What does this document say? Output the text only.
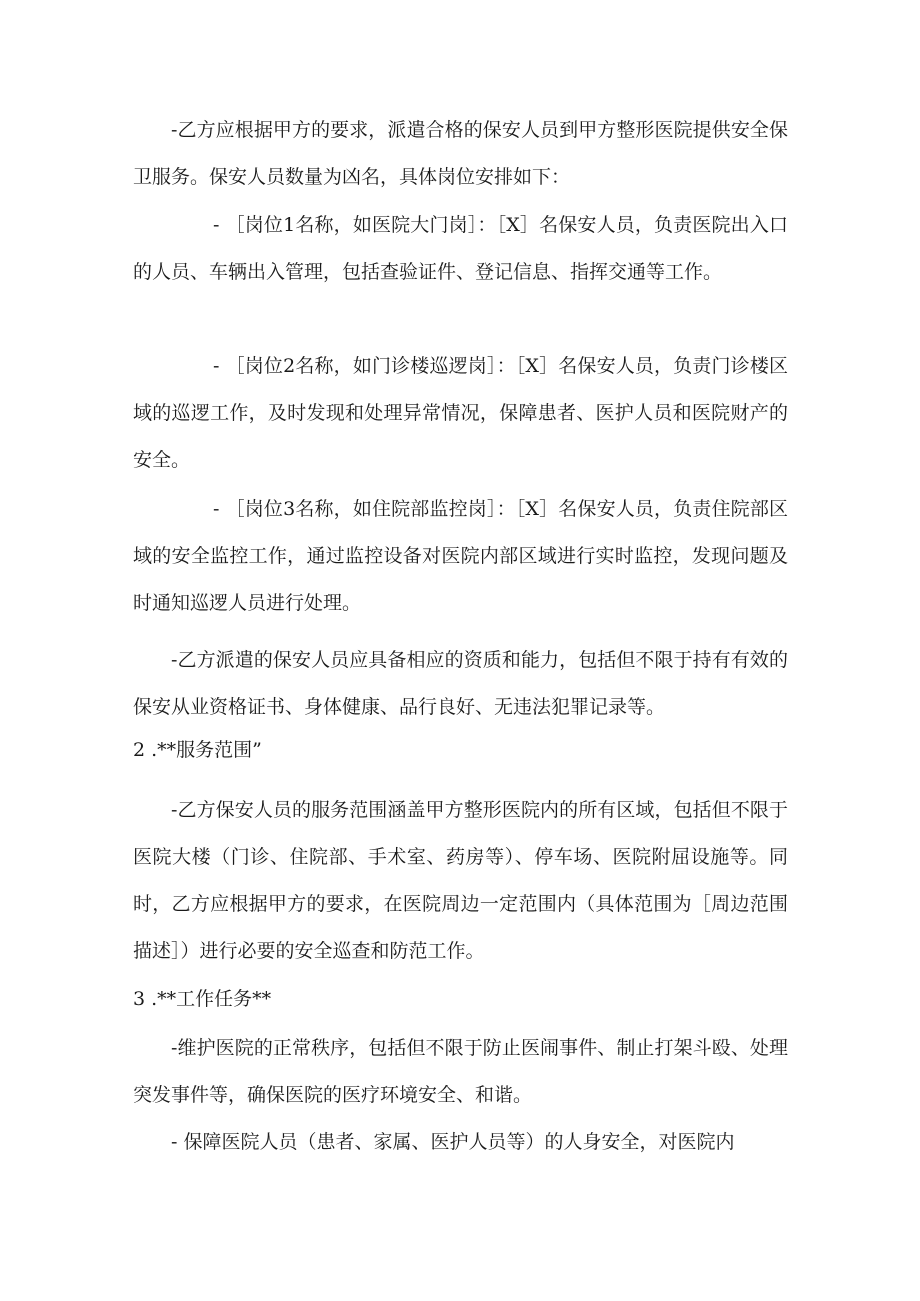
-乙方应根据甲方的要求，派遣合格的保安人员到甲方整形医院提供安全保卫服务。保安人员数量为凶名，具体岗位安排如下：

- ［岗位1名称，如医院大门岗］：［X］名保安人员，负责医院出入口的人员、车辆出入管理，包括查验证件、登记信息、指挥交通等工作。

- ［岗位2名称，如门诊楼巡逻岗］：［X］名保安人员，负责门诊楼区域的巡逻工作，及时发现和处理异常情况，保障患者、医护人员和医院财产的安全。

- ［岗位3名称，如住院部监控岗］：［X］名保安人员，负责住院部区域的安全监控工作，通过监控设备对医院内部区域进行实时监控，发现问题及时通知巡逻人员进行处理。

-乙方派遣的保安人员应具备相应的资质和能力，包括但不限于持有有效的保安从业资格证书、身体健康、品行良好、无违法犯罪记录等。

2 .**服务范围”

-乙方保安人员的服务范围涵盖甲方整形医院内的所有区域，包括但不限于医院大楼（门诊、住院部、手术室、药房等）、停车场、医院附屈设施等。同时，乙方应根据甲方的要求，在医院周边一定范围内（具体范围为［周边范围描述］）进行必要的安全巡查和防范工作。

3 .**工作任务**

-维护医院的正常秩序，包括但不限于防止医闹事件、制止打架斗殴、处理突发事件等，确保医院的医疗环境安全、和谐。

- 保障医院人员（患者、家属、医护人员等）的人身安全，对医院内
